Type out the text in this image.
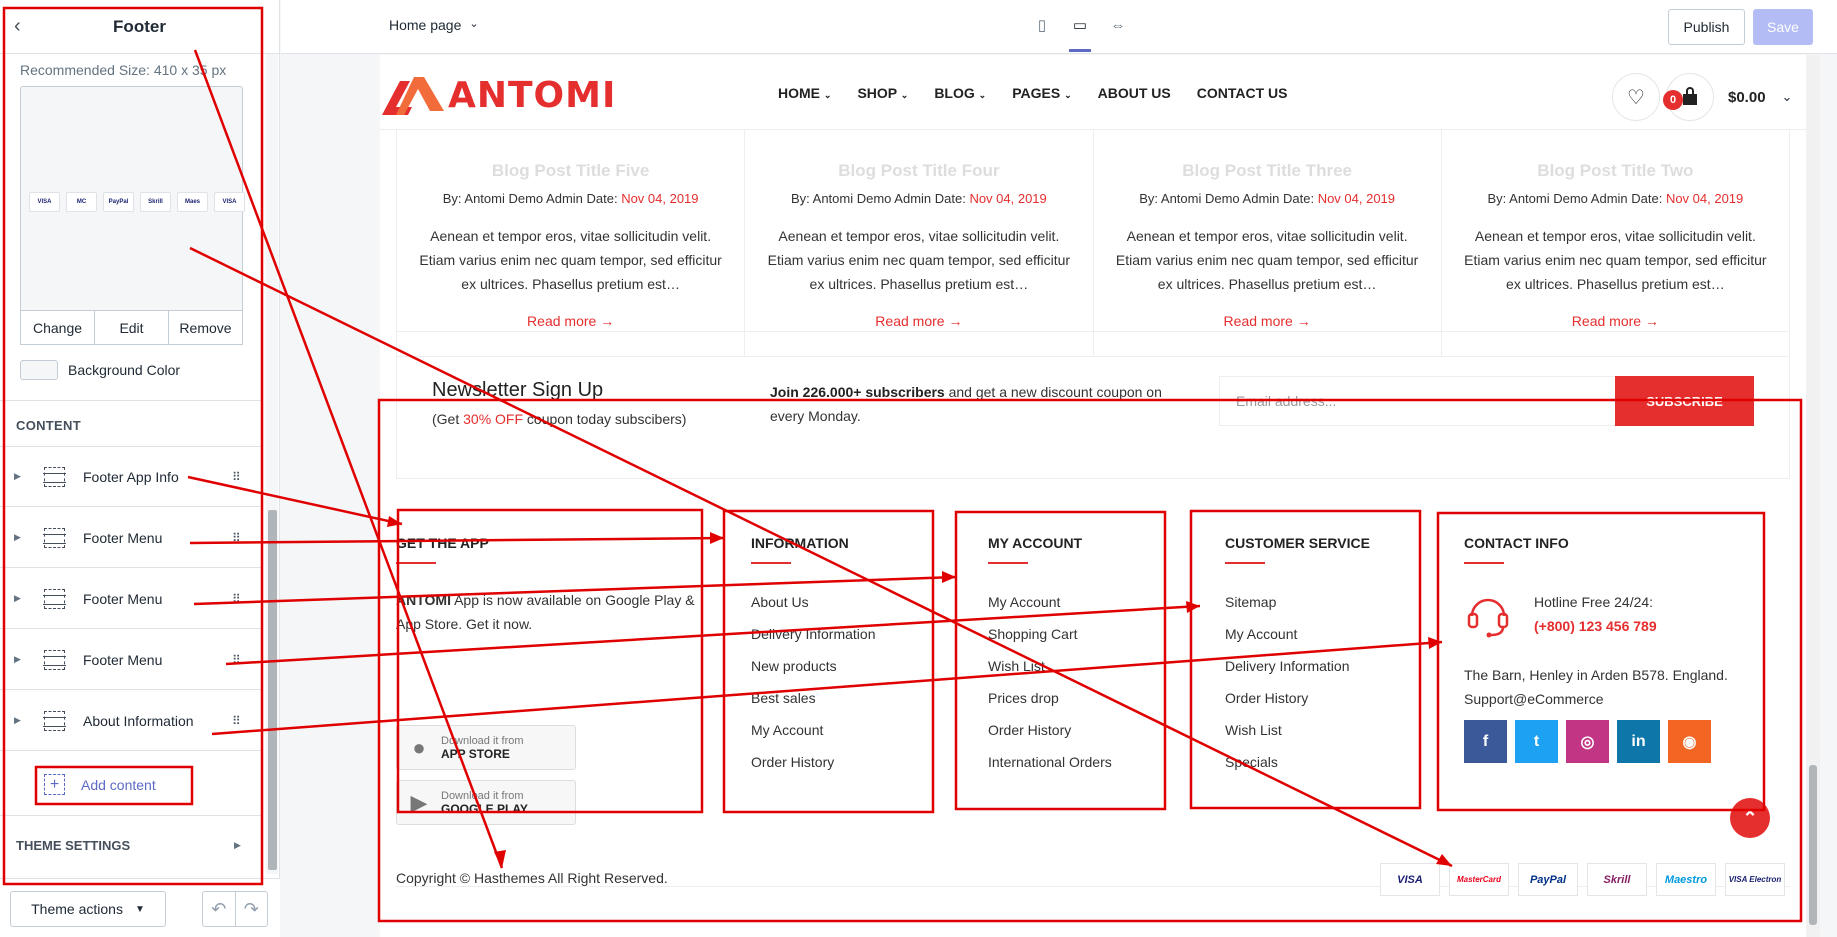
‹	Footer
Recommended Size: 410 x 35 px
VISA	MC	PayPal	Skrill	Maes	VISA
Change	Edit	Remove
Background Color
CONTENT
▶	Footer App Info	⠿
▶	Footer Menu	⠿
▶	Footer Menu	⠿
▶	Footer Menu	⠿
▶	About Information	⠿
+	Add content
THEME SETTINGS	▶
Theme actions ▼	↶ ↷
Home page ⌄	▯	▭ ⇔	Publish	Save
Blog Post Title Five
By: Antomi Demo Admin Date: Nov 04, 2019
Aenean et tempor eros, vitae sollicitudin velit. Etiam varius enim nec quam tempor, sed efficitur ex ultrices. Phasellus pretium est…
Read more →
Blog Post Title Four
By: Antomi Demo Admin Date: Nov 04, 2019
Aenean et tempor eros, vitae sollicitudin velit. Etiam varius enim nec quam tempor, sed efficitur ex ultrices. Phasellus pretium est…
Read more →
Blog Post Title Three
By: Antomi Demo Admin Date: Nov 04, 2019
Aenean et tempor eros, vitae sollicitudin velit. Etiam varius enim nec quam tempor, sed efficitur ex ultrices. Phasellus pretium est…
Read more →
Blog Post Title Two
By: Antomi Demo Admin Date: Nov 04, 2019
Aenean et tempor eros, vitae sollicitudin velit. Etiam varius enim nec quam tempor, sed efficitur ex ultrices. Phasellus pretium est…
Read more →
ANTOMI	HOME ⌄ SHOP ⌄ BLOG ⌄ PAGES ⌄ ABOUT US CONTACT US	♡	0	$0.00 ⌄
Newsletter Sign Up
(Get 30% OFF coupon today subscibers)
Join 226.000+ subscribers and get a new discount coupon on every Monday.
Email address...	SUBSCRIBE
GET THE APP
ANTOMI App is now available on Google Play & App Store. Get it now.
●	Download it from
APP STORE
▶	Download it from
GOOGLE PLAY
INFORMATION
About Us
Delivery Information
New products
Best sales
My Account
Order History
MY ACCOUNT
My Account
Shopping Cart
Wish List
Prices drop
Order History
International Orders
CUSTOMER SERVICE
Sitemap
My Account
Delivery Information
Order History
Wish List
Specials
CONTACT INFO
Hotline Free 24/24:
(+800) 123 456 789
The Barn, Henley in Arden B578. England. Support@eCommerce
f	t	◎	in	◉
⌃
Copyright © Hasthemes All Right Reserved.	VISA	MasterCard	PayPal	Skrill	Maestro	VISA Electron
